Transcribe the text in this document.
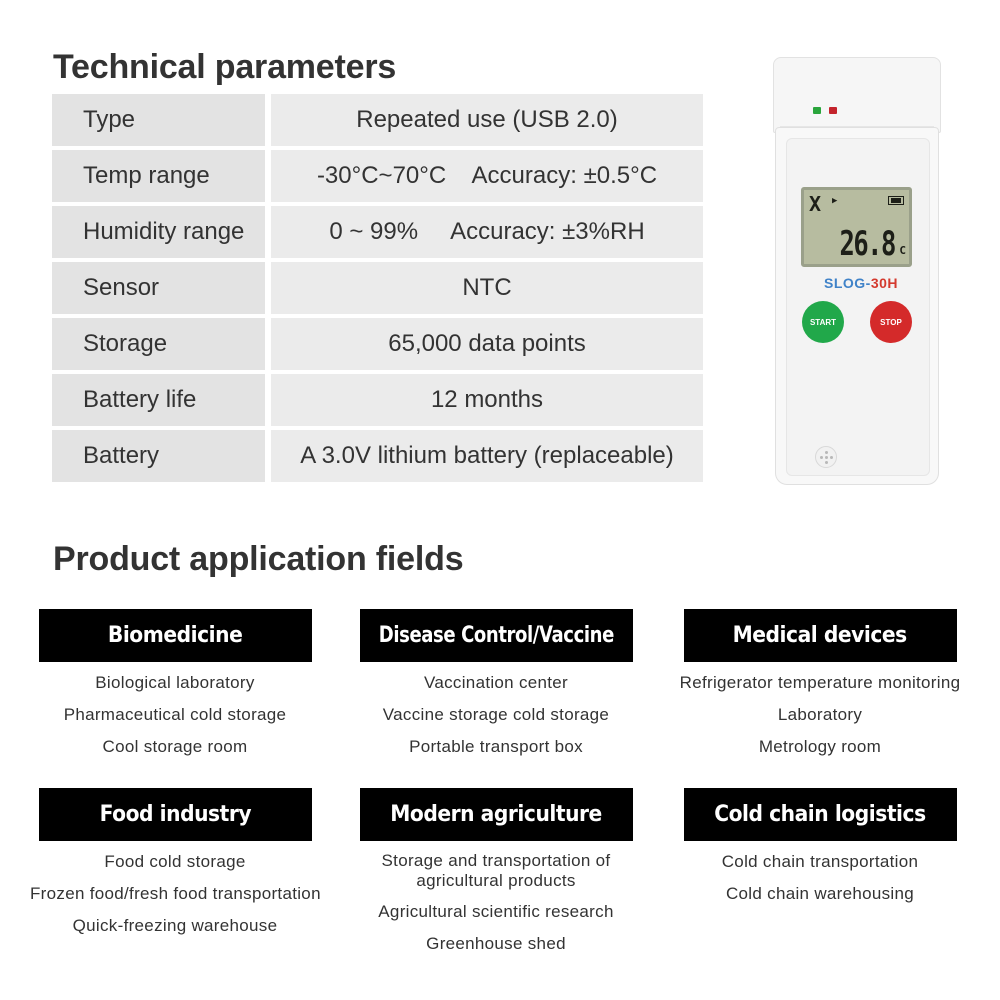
Technical parameters
Type	Repeated use (USB 2.0)
Temp range	-30°C~70°C    Accuracy: ±0.5°C
Humidity range	0 ~ 99%     Accuracy: ±3%RH
Sensor	NTC
Storage	65,000 data points
Battery life	12 months
Battery	A 3.0V lithium battery (replaceable)
X ▶
26.8 C
SLOG-30H
START	STOP
Product application fields
Biomedicine
Biological laboratory
Pharmaceutical cold storage
Cool storage room
Disease Control/Vaccine
Vaccination center
Vaccine storage cold storage
Portable transport box
Medical devices
Refrigerator temperature monitoring
Laboratory
Metrology room
Food industry
Food cold storage
Frozen food/fresh food transportation
Quick-freezing warehouse
Modern agriculture
Storage and transportation of agricultural products
Agricultural scientific research
Greenhouse shed
Cold chain logistics
Cold chain transportation
Cold chain warehousing
